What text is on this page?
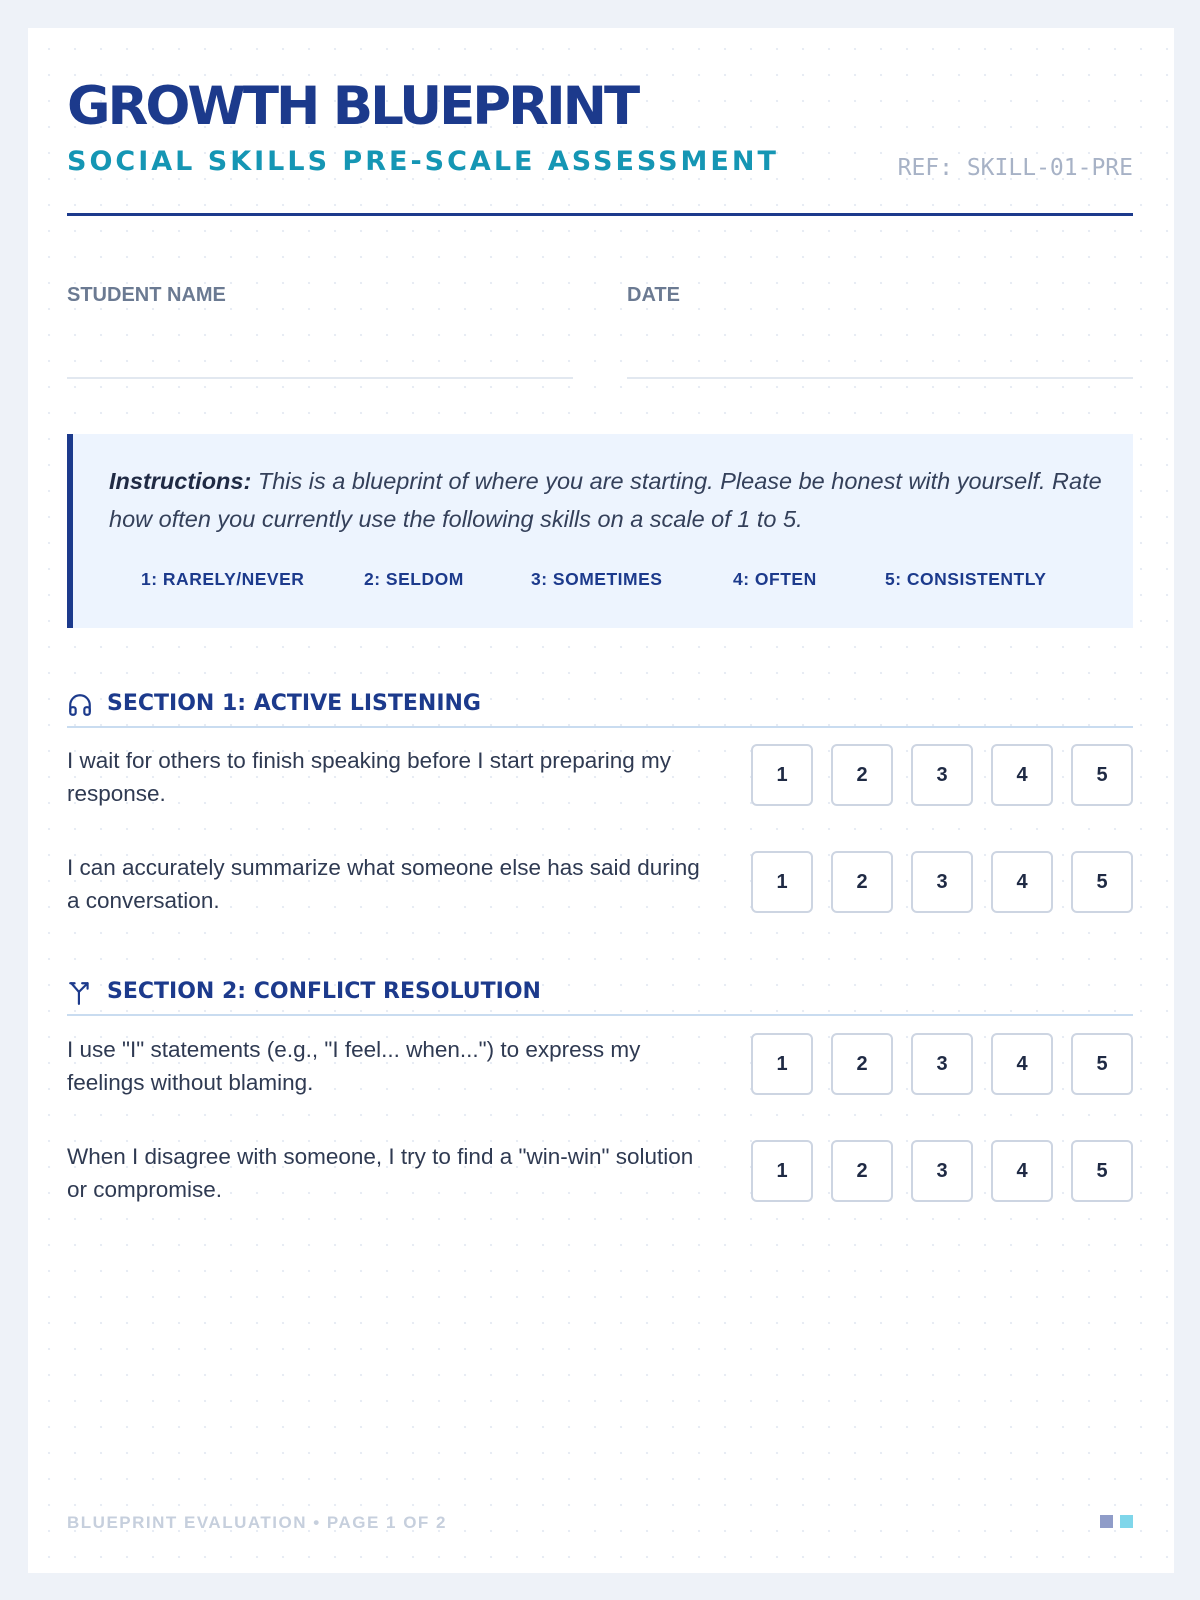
GROWTH BLUEPRINT
SOCIAL SKILLS PRE-SCALE ASSESSMENT	REF: SKILL-01-PRE
STUDENT NAME	DATE
Instructions: This is a blueprint of where you are starting. Please be honest with yourself. Rate how often you currently use the following skills on a scale of 1 to 5.
1: RARELY/NEVER	2: SELDOM	3: SOMETIMES	4: OFTEN	5: CONSISTENTLY
SECTION 1: ACTIVE LISTENING
I wait for others to finish speaking before I start preparing my response.
1	2	3	4	5
I can accurately summarize what someone else has said during a conversation.
1	2	3	4	5
SECTION 2: CONFLICT RESOLUTION
I use "I" statements (e.g., "I feel... when...") to express my feelings without blaming.
1	2	3	4	5
When I disagree with someone, I try to find a "win-win" solution or compromise.
1	2	3	4	5
BLUEPRINT EVALUATION • PAGE 1 OF 2
